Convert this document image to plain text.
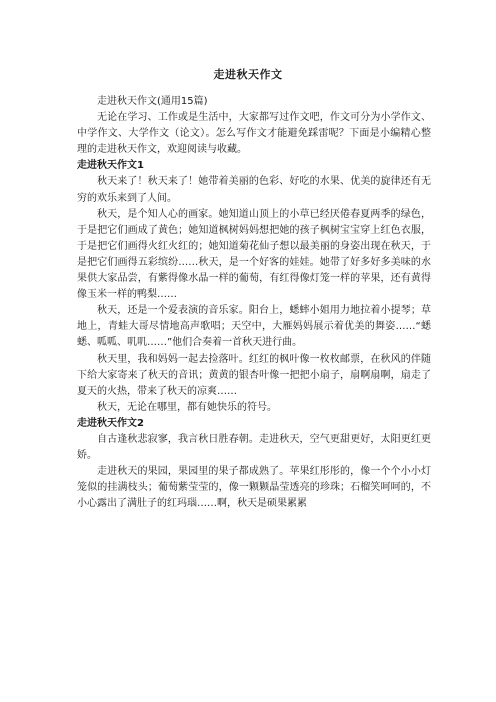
走进秋天作文

走进秋天作文(通用15篇)

无论在学习、工作或是生活中，大家都写过作文吧，作文可分为小学作文、中学作文、大学作文（论文）。怎么写作文才能避免踩雷呢？下面是小编精心整理的走进秋天作文，欢迎阅读与收藏。

走进秋天作文1

秋天来了！秋天来了！她带着美丽的色彩、好吃的水果、优美的旋律还有无穷的欢乐来到了人间。

秋天，是个知人心的画家。她知道山顶上的小草已经厌倦春夏两季的绿色，于是把它们画成了黄色；她知道枫树妈妈想把她的孩子枫树宝宝穿上红色衣服，于是把它们画得火红火红的；她知道菊花仙子想以最美丽的身姿出现在秋天，于是把它们画得五彩缤纷……秋天，是一个好客的娃娃。她带了好多好多美味的水果供大家品尝，有紫得像水晶一样的葡萄，有红得像灯笼一样的苹果，还有黄得像玉米一样的鸭梨……

秋天，还是一个爱表演的音乐家。阳台上，蟋蟀小姐用力地拉着小提琴；草地上，青蛙大哥尽情地高声歌唱；天空中，大雁妈妈展示着优美的舞姿……“蟋蟋、呱呱、叽叽……”他们合奏着一首秋天进行曲。

秋天里，我和妈妈一起去捡落叶。红红的枫叶像一枚枚邮票，在秋风的伴随下给大家寄来了秋天的音讯；黄黄的银杏叶像一把把小扇子，扇啊扇啊，扇走了夏天的火热，带来了秋天的凉爽……

秋天，无论在哪里，都有她快乐的符号。

走进秋天作文2

自古逢秋悲寂寥，我言秋日胜春朝。走进秋天，空气更甜更好，太阳更红更娇。

走进秋天的果园，果园里的果子都成熟了。苹果红彤彤的，像一个个小小灯笼似的挂满枝头；葡萄紫莹莹的，像一颗颗晶莹透亮的珍珠；石榴笑呵呵的，不小心露出了满肚子的红玛瑙……啊，秋天是硕果累累
